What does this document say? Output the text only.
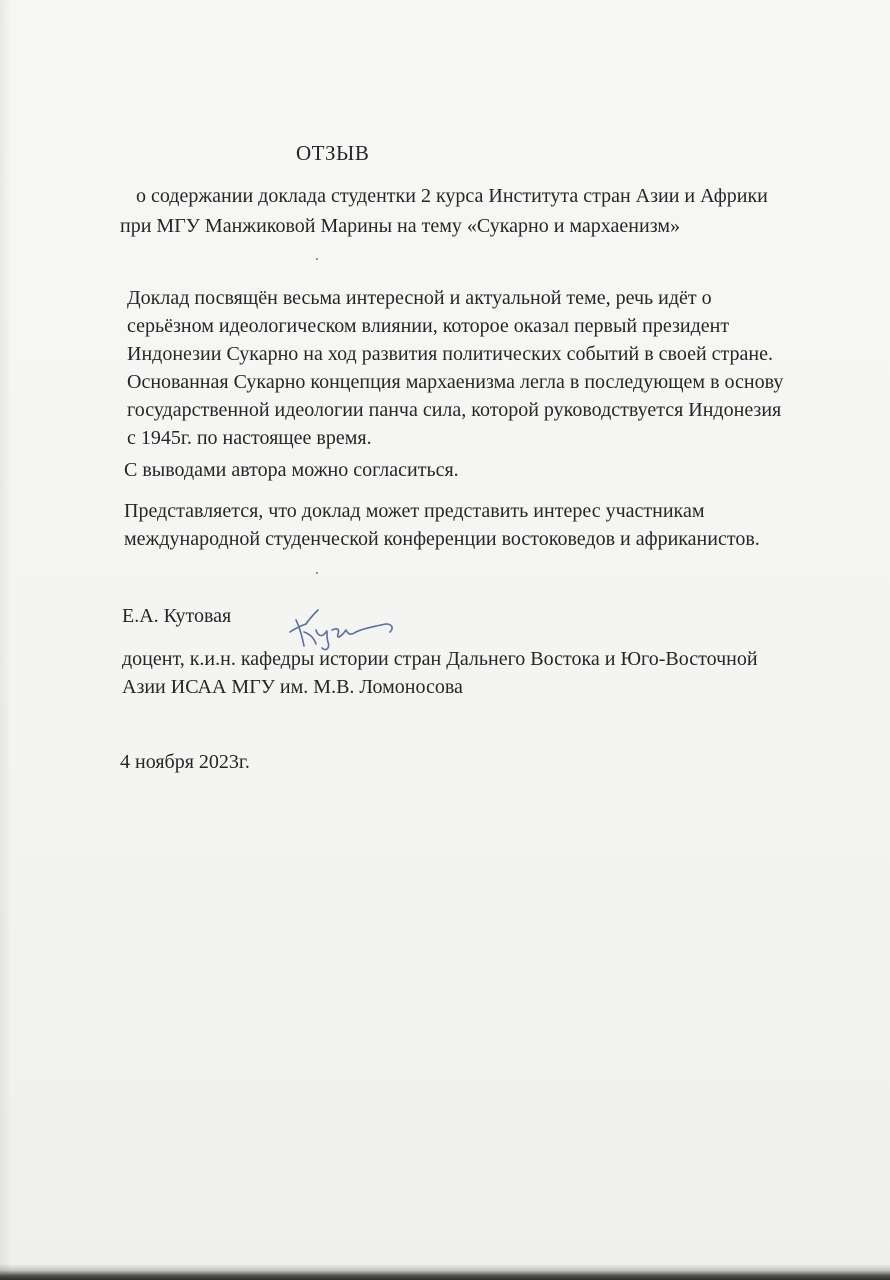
ОТЗЫВ
о содержании доклада студентки 2 курса Института стран Азии и Африки
при МГУ Манжиковой Марины на тему «Сукарно и мархаенизм»
Доклад посвящён весьма интересной и актуальной теме, речь идёт о
серьёзном идеологическом влиянии, которое оказал первый президент
Индонезии Сукарно на ход развития политических событий в своей стране.
Основанная Сукарно концепция мархаенизма легла в последующем в основу
государственной идеологии панча сила, которой руководствуется Индонезия
с 1945г. по настоящее время.
С выводами автора можно согласиться.
Представляется, что доклад может представить интерес участникам
международной студенческой конференции востоковедов и африканистов.
Е.А. Кутовая
доцент, к.и.н. кафедры истории стран Дальнего Востока и Юго-Восточной
Азии ИСАА МГУ им. М.В. Ломоносова
4 ноября 2023г.
